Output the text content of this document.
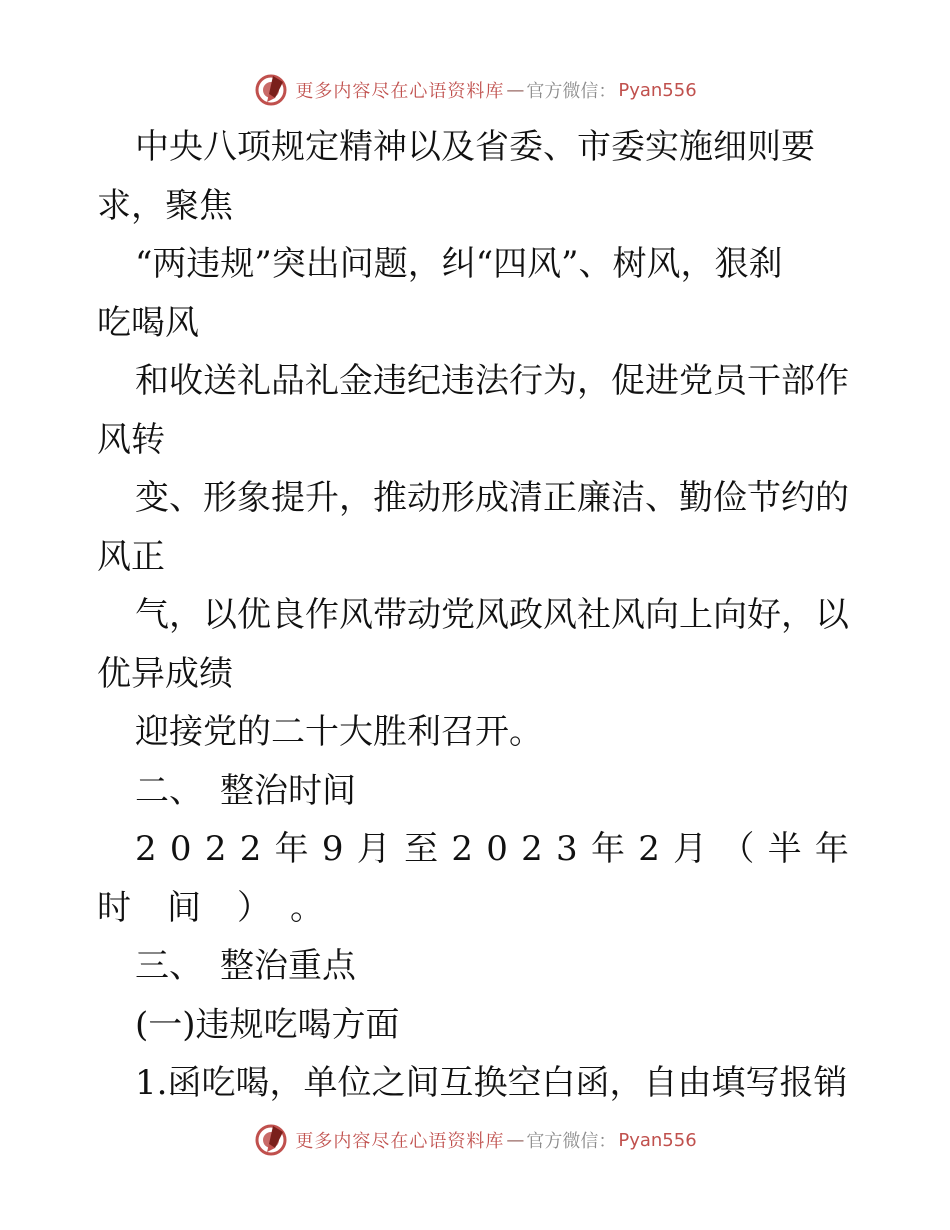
更多内容尽在心语资料库 — 官方微信： Pyan556
中央八项规定精神以及省委、市委实施细则要
求，聚焦
“两违规”突出问题，纠“四风”、树风，狠刹
吃喝风
和收送礼品礼金违纪违法行为，促进党员干部作
风转
变、形象提升，推动形成清正廉洁、勤俭节约的
风正
气，以优良作风带动党风政风社风向上向好，以
优异成绩
迎接党的二十大胜利召开。
二、　整治时间
2 0 2 2 年 9 月 至 2 0 2 3 年 2 月 （ 半 年
时 间 ） 。
三、　整治重点
(一)违规吃喝方面
1.函吃喝，单位之间互换空白函，自由填写报销
更多内容尽在心语资料库 — 官方微信： Pyan556
